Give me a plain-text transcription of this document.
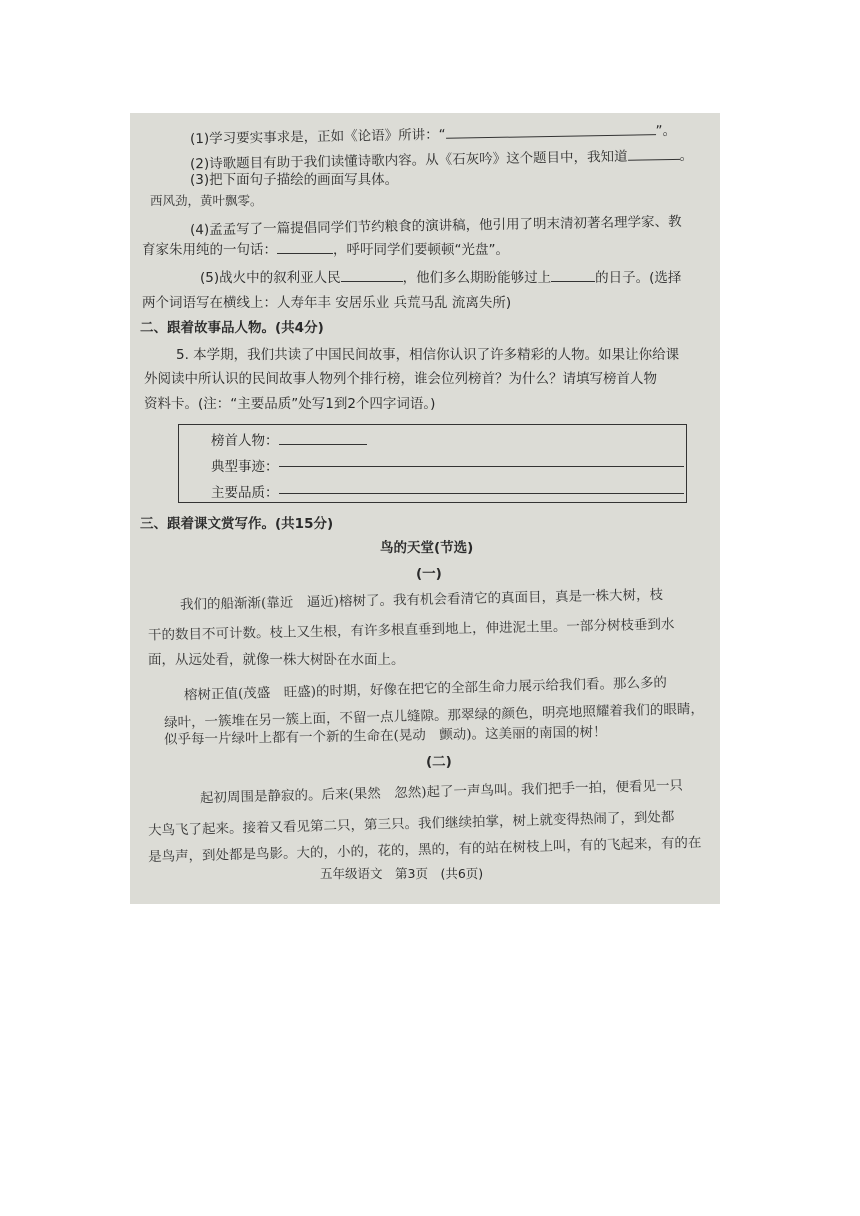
(1)学习要实事求是，正如《论语》所讲：“	”。
(2)诗歌题目有助于我们读懂诗歌内容。从《石灰吟》这个题目中，我知道	。
(3)把下面句子描绘的画面写具体。
西风劲，黄叶飘零。
(4)孟孟写了一篇提倡同学们节约粮食的演讲稿，他引用了明末清初著名理学家、教
育家朱用纯的一句话：	，呼吁同学们要顿顿“光盘”。
(5)战火中的叙利亚人民	，他们多么期盼能够过上	的日子。(选择
两个词语写在横线上：人寿年丰 安居乐业 兵荒马乱 流离失所)
二、跟着故事品人物。(共4分)
5. 本学期，我们共读了中国民间故事，相信你认识了许多精彩的人物。如果让你给课
外阅读中所认识的民间故事人物列个排行榜，谁会位列榜首？为什么？请填写榜首人物
资料卡。(注：“主要品质”处写1到2个四字词语。)
榜首人物：
典型事迹：
主要品质：
三、跟着课文赏写作。(共15分)
鸟的天堂(节选)
(一)
我们的船渐渐(靠近　逼近)榕树了。我有机会看清它的真面目，真是一株大树，枝
干的数目不可计数。枝上又生根，有许多根直垂到地上，伸进泥土里。一部分树枝垂到水
面，从远处看，就像一株大树卧在水面上。
榕树正值(茂盛　旺盛)的时期，好像在把它的全部生命力展示给我们看。那么多的
绿叶，一簇堆在另一簇上面，不留一点儿缝隙。那翠绿的颜色，明亮地照耀着我们的眼睛，
似乎每一片绿叶上都有一个新的生命在(晃动　颤动)。这美丽的南国的树！
(二)
起初周围是静寂的。后来(果然　忽然)起了一声鸟叫。我们把手一拍，便看见一只
大鸟飞了起来。接着又看见第二只，第三只。我们继续拍掌，树上就变得热闹了，到处都
是鸟声，到处都是鸟影。大的，小的，花的，黑的，有的站在树枝上叫，有的飞起来，有的在
五年级语文　第3页　(共6页)
